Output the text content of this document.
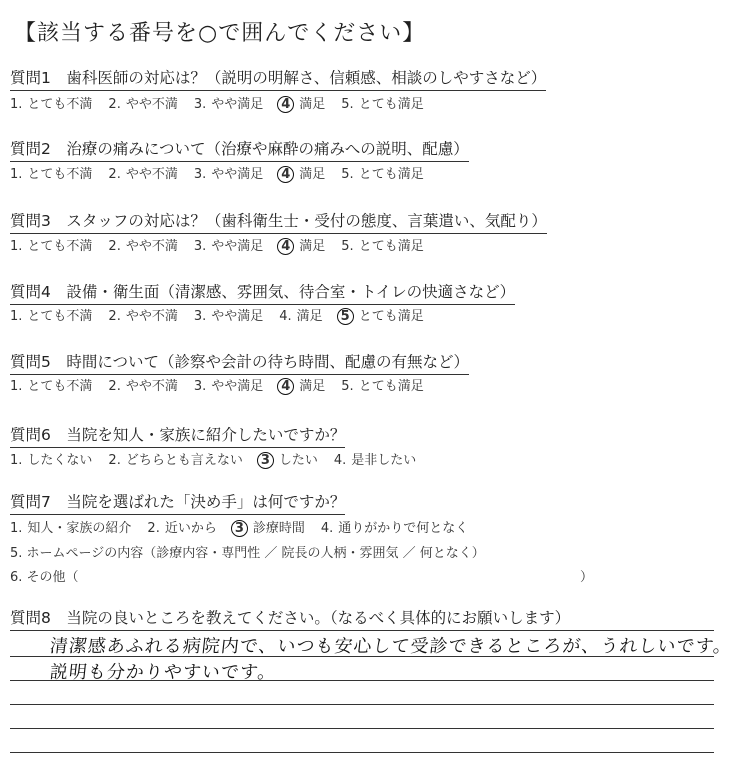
【該当する番号を○で囲んでください】
質問1　歯科医師の対応は？（説明の明解さ、信頼感、相談のしやすさなど）
1. とても不満 2. やや不満 3. やや満足 4 満足 5. とても満足
質問2　治療の痛みについて（治療や麻酔の痛みへの説明、配慮）
1. とても不満 2. やや不満 3. やや満足 4 満足 5. とても満足
質問3　スタッフの対応は？（歯科衛生士・受付の態度、言葉遣い、気配り）
1. とても不満 2. やや不満 3. やや満足 4 満足 5. とても満足
質問4　設備・衛生面（清潔感、雰囲気、待合室・トイレの快適さなど）
1. とても不満 2. やや不満 3. やや満足 4. 満足 5 とても満足
質問5　時間について（診察や会計の待ち時間、配慮の有無など）
1. とても不満 2. やや不満 3. やや満足 4 満足 5. とても満足
質問6　当院を知人・家族に紹介したいですか？
1. したくない 2. どちらとも言えない 3 したい 4. 是非したい
質問7　当院を選ばれた「決め手」は何ですか？
1. 知人・家族の紹介 2. 近いから 3 診療時間 4. 通りがかりで何となく
5. ホームページの内容（診療内容・専門性 ／ 院長の人柄・雰囲気 ／ 何となく）
6. その他（	）
質問8　当院の良いところを教えてください。（なるべく具体的にお願いします）
清潔感あふれる病院内で、いつも安心して受診できるところが、うれしいです。
説明も分かりやすいです。
